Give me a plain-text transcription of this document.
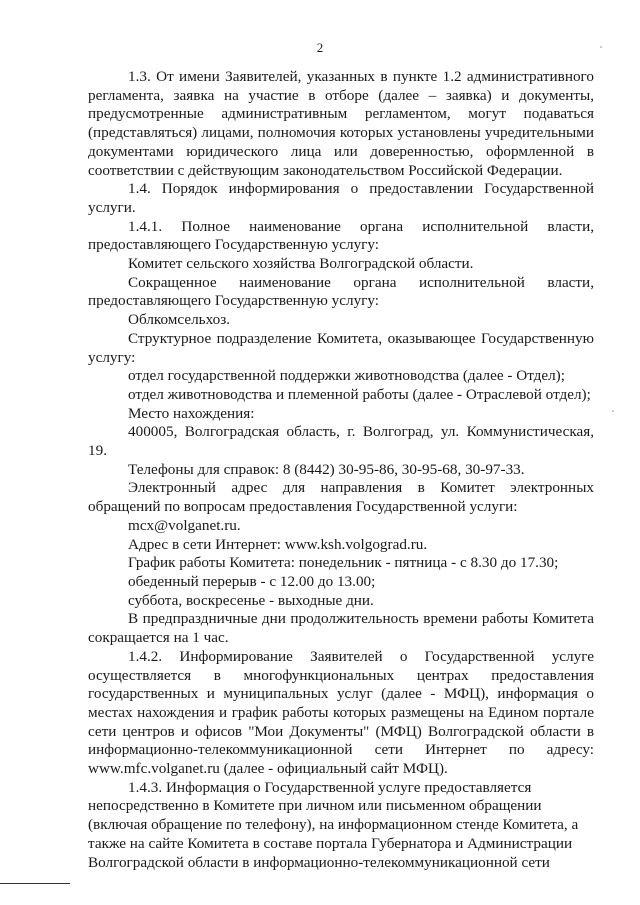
2

1.3. От имени Заявителей, указанных в пункте 1.2 административного регламента, заявка на участие в отборе (далее – заявка) и документы, предусмотренные административным регламентом, могут подаваться (представляться) лицами, полномочия которых установлены учредительными документами юридического лица или доверенностью, оформленной в соответствии с действующим законодательством Российской Федерации.

1.4. Порядок информирования о предоставлении Государственной услуги.

1.4.1. Полное наименование органа исполнительной власти, предоставляющего Государственную услугу:

Комитет сельского хозяйства Волгоградской области.

Сокращенное наименование органа исполнительной власти, предоставляющего Государственную услугу:

Облкомсельхоз.

Структурное подразделение Комитета, оказывающее Государственную услугу:

отдел государственной поддержки животноводства (далее - Отдел);

отдел животноводства и племенной работы (далее - Отраслевой отдел);

Место нахождения:

400005, Волгоградская область, г. Волгоград, ул. Коммунистическая, 19.

Телефоны для справок: 8 (8442) 30-95-86, 30-95-68, 30-97-33.

Электронный адрес для направления в Комитет электронных обращений по вопросам предоставления Государственной услуги:

mcx@volganet.ru.

Адрес в сети Интернет: www.ksh.volgograd.ru.

График работы Комитета: понедельник - пятница - с 8.30 до 17.30;

обеденный перерыв - с 12.00 до 13.00;

суббота, воскресенье - выходные дни.

В предпраздничные дни продолжительность времени работы Комитета сокращается на 1 час.

1.4.2. Информирование Заявителей о Государственной услуге осуществляется в многофункциональных центрах предоставления государственных и муниципальных услуг (далее - МФЦ), информация о местах нахождения и график работы которых размещены на Едином портале сети центров и офисов "Мои Документы" (МФЦ) Волгоградской области в информационно-телекоммуникационной сети Интернет по адресу: www.mfc.volganet.ru (далее - официальный сайт МФЦ).

1.4.3. Информация о Государственной услуге предоставляется непосредственно в Комитете при личном или письменном обращении (включая обращение по телефону), на информационном стенде Комитета, а также на сайте Комитета в составе портала Губернатора и Администрации Волгоградской области в информационно-телекоммуникационной сети
